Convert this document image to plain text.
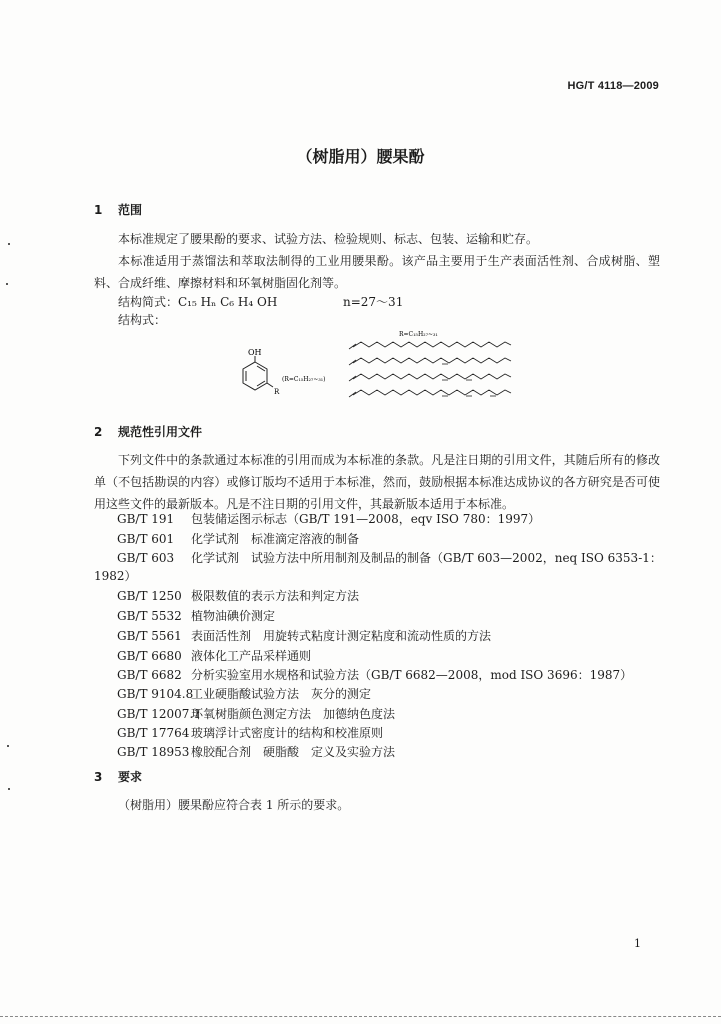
HG/T 4118—2009
（树脂用）腰果酚
1 范围
本标准规定了腰果酚的要求、试验方法、检验规则、标志、包装、运输和贮存。
本标准适用于蒸馏法和萃取法制得的工业用腰果酚。该产品主要用于生产表面活性剂、合成树脂、塑料、合成纤维、摩擦材料和环氧树脂固化剂等。
结构简式：C₁₅ Hₙ C₆ H₄ OH	n=27～31
结构式：
OH
R
(R=C₁₅H₂₇~₃₁)
R=C₁₅H₂₇~₃₁
2 规范性引用文件
下列文件中的条款通过本标准的引用而成为本标准的条款。凡是注日期的引用文件，其随后所有的修改单（不包括勘误的内容）或修订版均不适用于本标准，然而，鼓励根据本标准达成协议的各方研究是否可使用这些文件的最新版本。凡是不注日期的引用文件，其最新版本适用于本标准。
GB/T 191 包装储运图示标志（GB/T 191—2008，eqv ISO 780：1997）
GB/T 601 化学试剂　标准滴定溶液的制备
GB/T 603 化学试剂　试验方法中所用制剂及制品的制备（GB/T 603—2002，neq ISO 6353-1：
1982）
GB/T 1250 极限数值的表示方法和判定方法
GB/T 5532 植物油碘价测定
GB/T 5561 表面活性剂　用旋转式粘度计测定粘度和流动性质的方法
GB/T 6680 液体化工产品采样通则
GB/T 6682 分析实验室用水规格和试验方法（GB/T 6682—2008，mod ISO 3696：1987）
GB/T 9104.8工业硬脂酸试验方法　灰分的测定
GB/T 12007.1环氧树脂颜色测定方法　加德纳色度法
GB/T 17764 玻璃浮计式密度计的结构和校准原则
GB/T 18953 橡胶配合剂　硬脂酸　定义及实验方法
3 要求
（树脂用）腰果酚应符合表 1 所示的要求。
1
